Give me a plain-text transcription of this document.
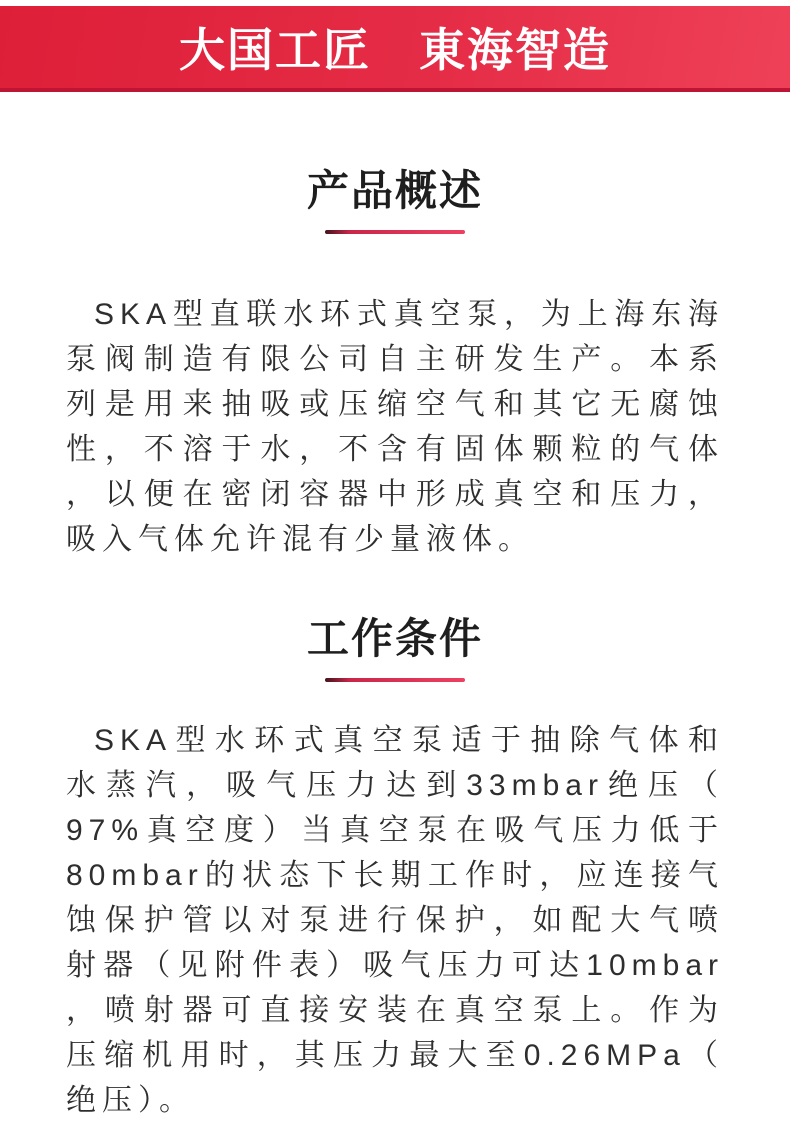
大国工匠　東海智造
产品概述
SKA型直联水环式真空泵，为上海东海
泵阀制造有限公司自主研发生产。本系
列是用来抽吸或压缩空气和其它无腐蚀
性，不溶于水，不含有固体颗粒的气体
，以便在密闭容器中形成真空和压力，
吸入气体允许混有少量液体。
工作条件
SKA型水环式真空泵适于抽除气体和
水蒸汽，吸气压力达到33mbar绝压（
97%真空度）当真空泵在吸气压力低于
80mbar的状态下长期工作时，应连接气
蚀保护管以对泵进行保护，如配大气喷
射器（见附件表）吸气压力可达10mbar
，喷射器可直接安装在真空泵上。作为
压缩机用时，其压力最大至0.26MPa（
绝压）。
